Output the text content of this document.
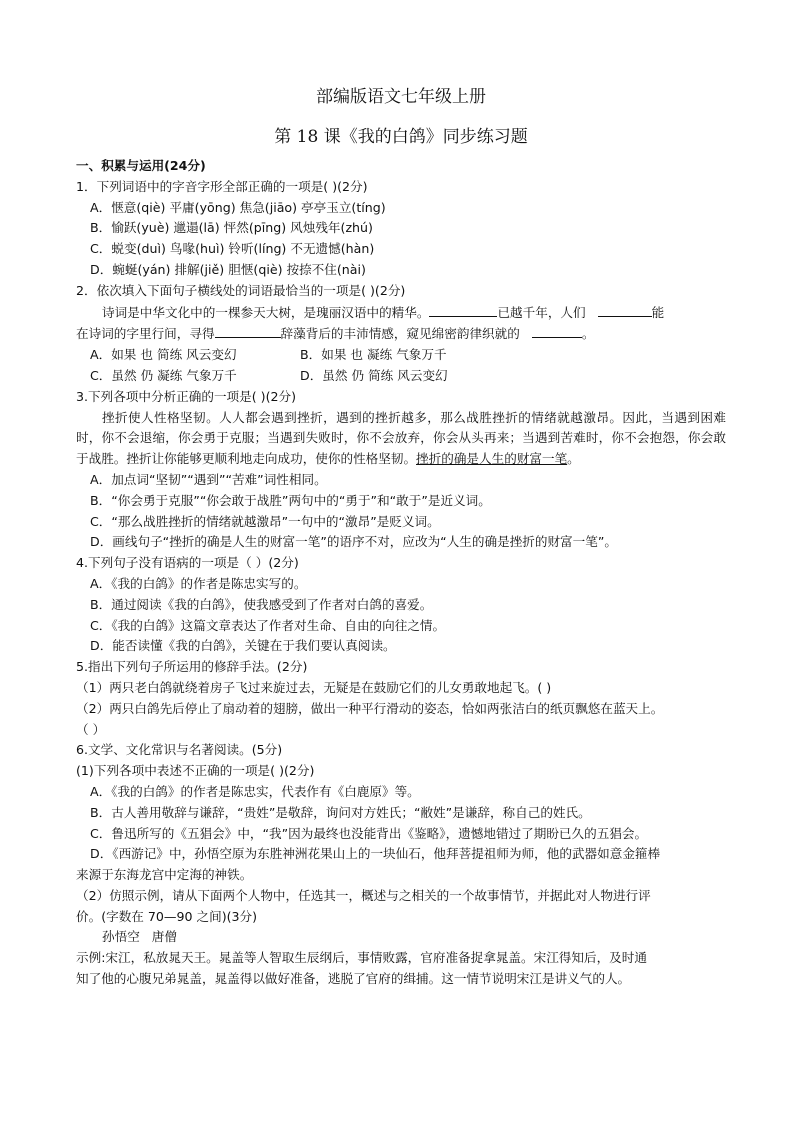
部编版语文七年级上册
第 18 课《我的白鸽》同步练习题
一、积累与运用(24分)
1．下列词语中的字音字形全部正确的一项是( )(2分)
A．惬意(qiè) 平庸(yōng) 焦急(jiāo) 亭亭玉立(tíng)
B．愉跃(yuè) 邋遢(lā) 怦然(pīng) 风烛残年(zhú)
C．蜕变(duì) 鸟喙(huì) 铃听(líng) 不无遗憾(hàn)
D．蜿蜒(yán) 排解(jiě) 胆惬(qiè) 按捺不住(nài)
2．依次填入下面句子横线处的词语最恰当的一项是( )(2分)
诗词是中华文化中的一棵参天大树，是瑰丽汉语中的精华。	已越千年，人们	能
在诗词的字里行间，寻得	辞藻背后的丰沛情感，窥见绵密韵律织就的	。
A．如果 也 简练 风云变幻	B．如果 也 凝练 气象万千
C．虽然 仍 凝练 气象万千	D．虽然 仍 简练 风云变幻
3.下列各项中分析正确的一项是( )(2分)
挫折使人性格坚韧。人人都会遇到挫折，遇到的挫折越多，那么战胜挫折的情绪就越激昂。因此，当遇到困难时，你不会退缩，你会勇于克服；当遇到失败时，你不会放弃，你会从头再来；当遇到苦难时，你不会抱怨，你会敢于战胜。挫折让你能够更顺利地走向成功，使你的性格坚韧。挫折的确是人生的财富一笔。
A．加点词“坚韧”“遇到”“苦难”词性相同。
B．“你会勇于克服”“你会敢于战胜”两句中的“勇于”和“敢于”是近义词。
C．“那么战胜挫折的情绪就越激昂”一句中的“激昂”是贬义词。
D．画线句子“挫折的确是人生的财富一笔”的语序不对，应改为“人生的确是挫折的财富一笔”。
4.下列句子没有语病的一项是（ ）(2分)
A．《我的白鸽》的作者是陈忠实写的。
B．通过阅读《我的白鸽》，使我感受到了作者对白鸽的喜爱。
C．《我的白鸽》这篇文章表达了作者对生命、自由的向往之情。
D．能否读懂《我的白鸽》，关键在于我们要认真阅读。
5.指出下列句子所运用的修辞手法。(2分)
（1）两只老白鸽就绕着房子飞过来旋过去，无疑是在鼓励它们的儿女勇敢地起飞。( )
（2）两只白鸽先后停止了扇动着的翅膀，做出一种平行滑动的姿态，恰如两张洁白的纸页飘悠在蓝天上。
（ ）
6.文学、文化常识与名著阅读。(5分)
(1)下列各项中表述不正确的一项是( )(2分)
A．《我的白鸽》的作者是陈忠实，代表作有《白鹿原》等。
B．古人善用敬辞与谦辞，“贵姓”是敬辞，询问对方姓氏；“敝姓”是谦辞，称自己的姓氏。
C．鲁迅所写的《五猖会》中，“我”因为最终也没能背出《鉴略》，遗憾地错过了期盼已久的五猖会。
D．《西游记》中，孙悟空原为东胜神洲花果山上的一块仙石，他拜菩提祖师为师，他的武器如意金箍棒
来源于东海龙宫中定海的神铁。
（2）仿照示例，请从下面两个人物中，任选其一，概述与之相关的一个故事情节，并据此对人物进行评
价。(字数在 70—90 之间)(3分)
孙悟空 唐僧
示例:宋江，私放晁天王。晁盖等人智取生辰纲后，事情败露，官府准备捉拿晁盖。宋江得知后，及时通
知了他的心腹兄弟晁盖，晁盖得以做好准备，逃脱了官府的缉捕。这一情节说明宋江是讲义气的人。
